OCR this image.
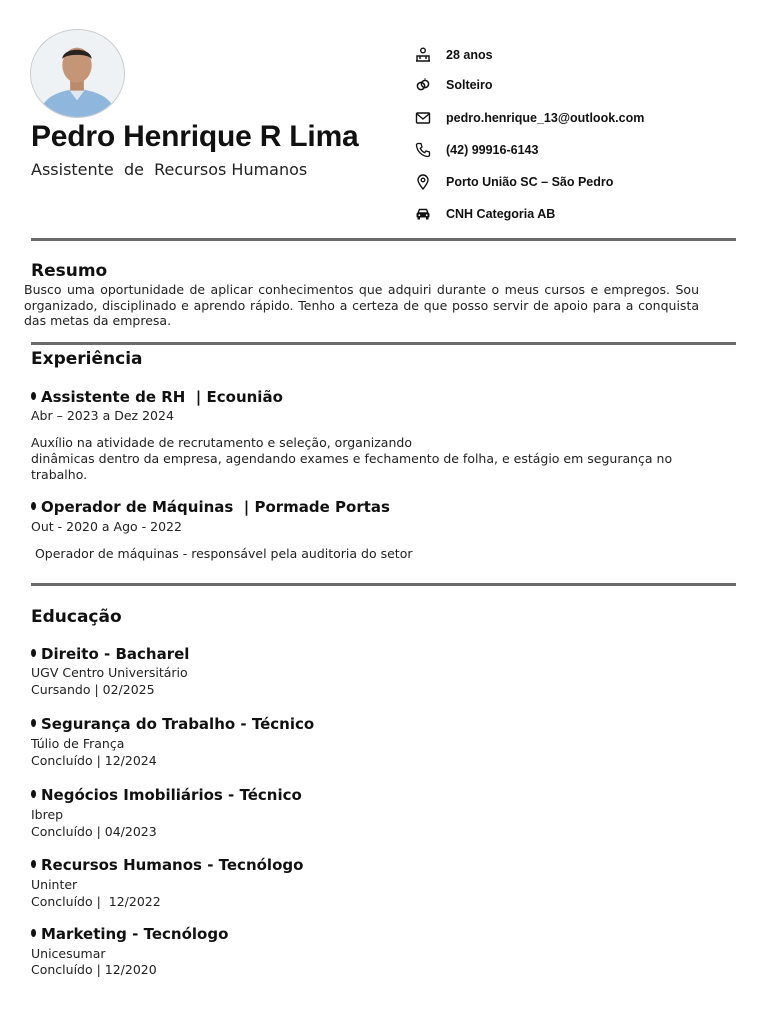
Pedro Henrique R Lima
Assistente  de  Recursos Humanos
28 anos
Solteiro
pedro.henrique_13@outlook.com
(42) 99916-6143
Porto União SC – São Pedro
CNH Categoria AB
Resumo
Busco uma oportunidade de aplicar conhecimentos que adquiri durante o meus cursos e empregos. Sou organizado, disciplinado e aprendo rápido. Tenho a certeza de que posso servir de apoio para a conquista das metas da empresa.
Experiência
Assistente de RH  | Ecounião
Abr – 2023 a Dez 2024
Auxílio na atividade de recrutamento e seleção, organizando
dinâmicas dentro da empresa, agendando exames e fechamento de folha, e estágio em segurança no trabalho.
Operador de Máquinas  | Pormade Portas
Out - 2020 a Ago - 2022
Operador de máquinas - responsável pela auditoria do setor
Educação
Direito - Bacharel
UGV Centro Universitário
Cursando | 02/2025
Segurança do Trabalho - Técnico
Túlio de França
Concluído | 12/2024
Negócios Imobiliários - Técnico
Ibrep
Concluído | 04/2023
Recursos Humanos - Tecnólogo
Uninter
Concluído |  12/2022
Marketing - Tecnólogo
Unicesumar
Concluído | 12/2020
